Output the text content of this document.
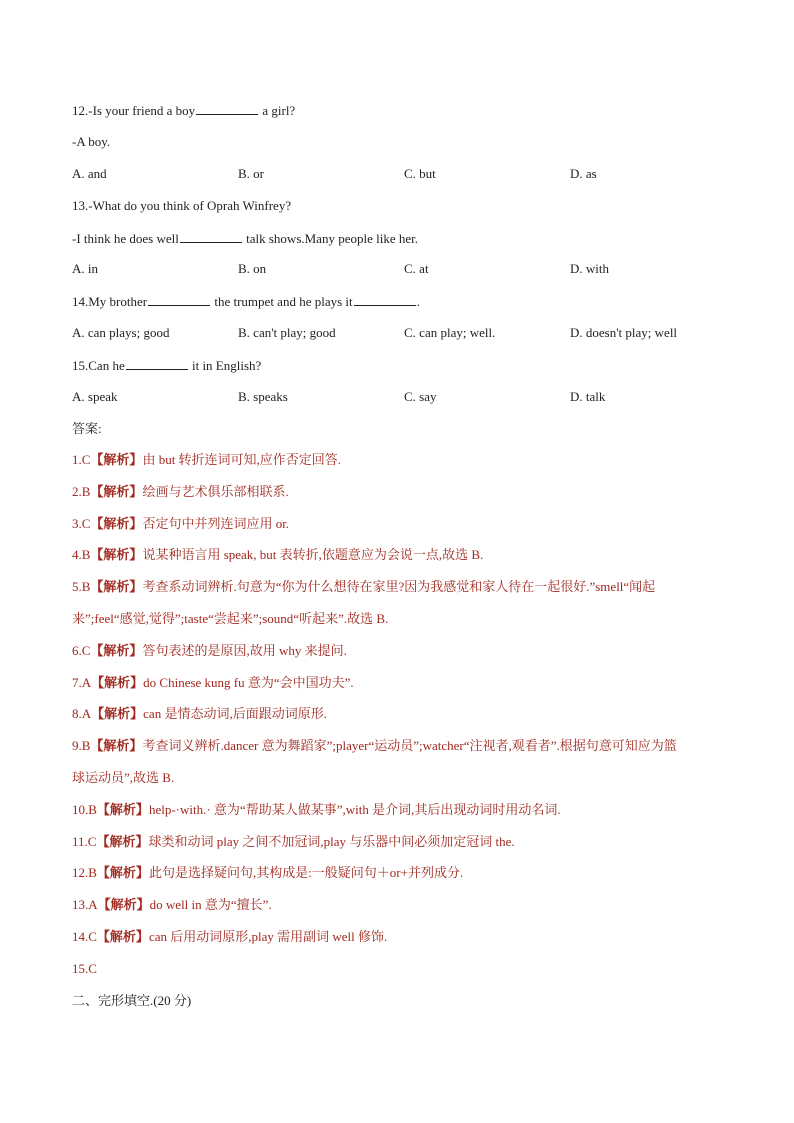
12.-Is your friend a boy	a girl?
-A boy.
A. and	B. or	C. but	D. as
13.-What do you think of Oprah Winfrey?
-I think he does well	talk shows.Many people like her.
A. in	B. on	C. at	D. with
14.My brother	the trumpet and he plays it	.
A. can plays; good	B. can't play; good	C. can play; well.	D. doesn't play; well
15.Can he	it in English?
A. speak	B. speaks	C. say	D. talk
答案:
1.C【解析】由 but 转折连词可知,应作否定回答.
2.B【解析】绘画与艺术俱乐部相联系.
3.C【解析】否定句中并列连词应用 or.
4.B【解析】说某种语言用 speak, but 表转折,依题意应为会说一点,故选 B.
5.B【解析】考查系动词辨析.句意为“你为什么想待在家里?因为我感觉和家人待在一起很好.”smell“闻起
来”;feel“感觉,觉得”;taste“尝起来”;sound“听起来”.故选 B.
6.C【解析】答句表述的是原因,故用 why 来提问.
7.A【解析】do Chinese kung fu 意为“会中国功夫”.
8.A【解析】can 是情态动词,后面跟动词原形.
9.B【解析】考查词义辨析.dancer 意为舞蹈家”;player“运动员”;watcher“注视者,观看者”.根据句意可知应为篮
球运动员”,故选 B.
10.B【解析】help-·with.· 意为“帮助某人做某事”,with 是介词,其后出现动词时用动名词.
11.C【解析】球类和动词 play 之间不加冠词,play 与乐器中间必须加定冠词 the.
12.B【解析】此句是选择疑问句,其构成是:一般疑问句＋or+并列成分.
13.A【解析】do well in 意为“擅长”.
14.C【解析】can 后用动词原形,play 需用副词 well 修饰.
15.C
二、完形填空.(20 分)
